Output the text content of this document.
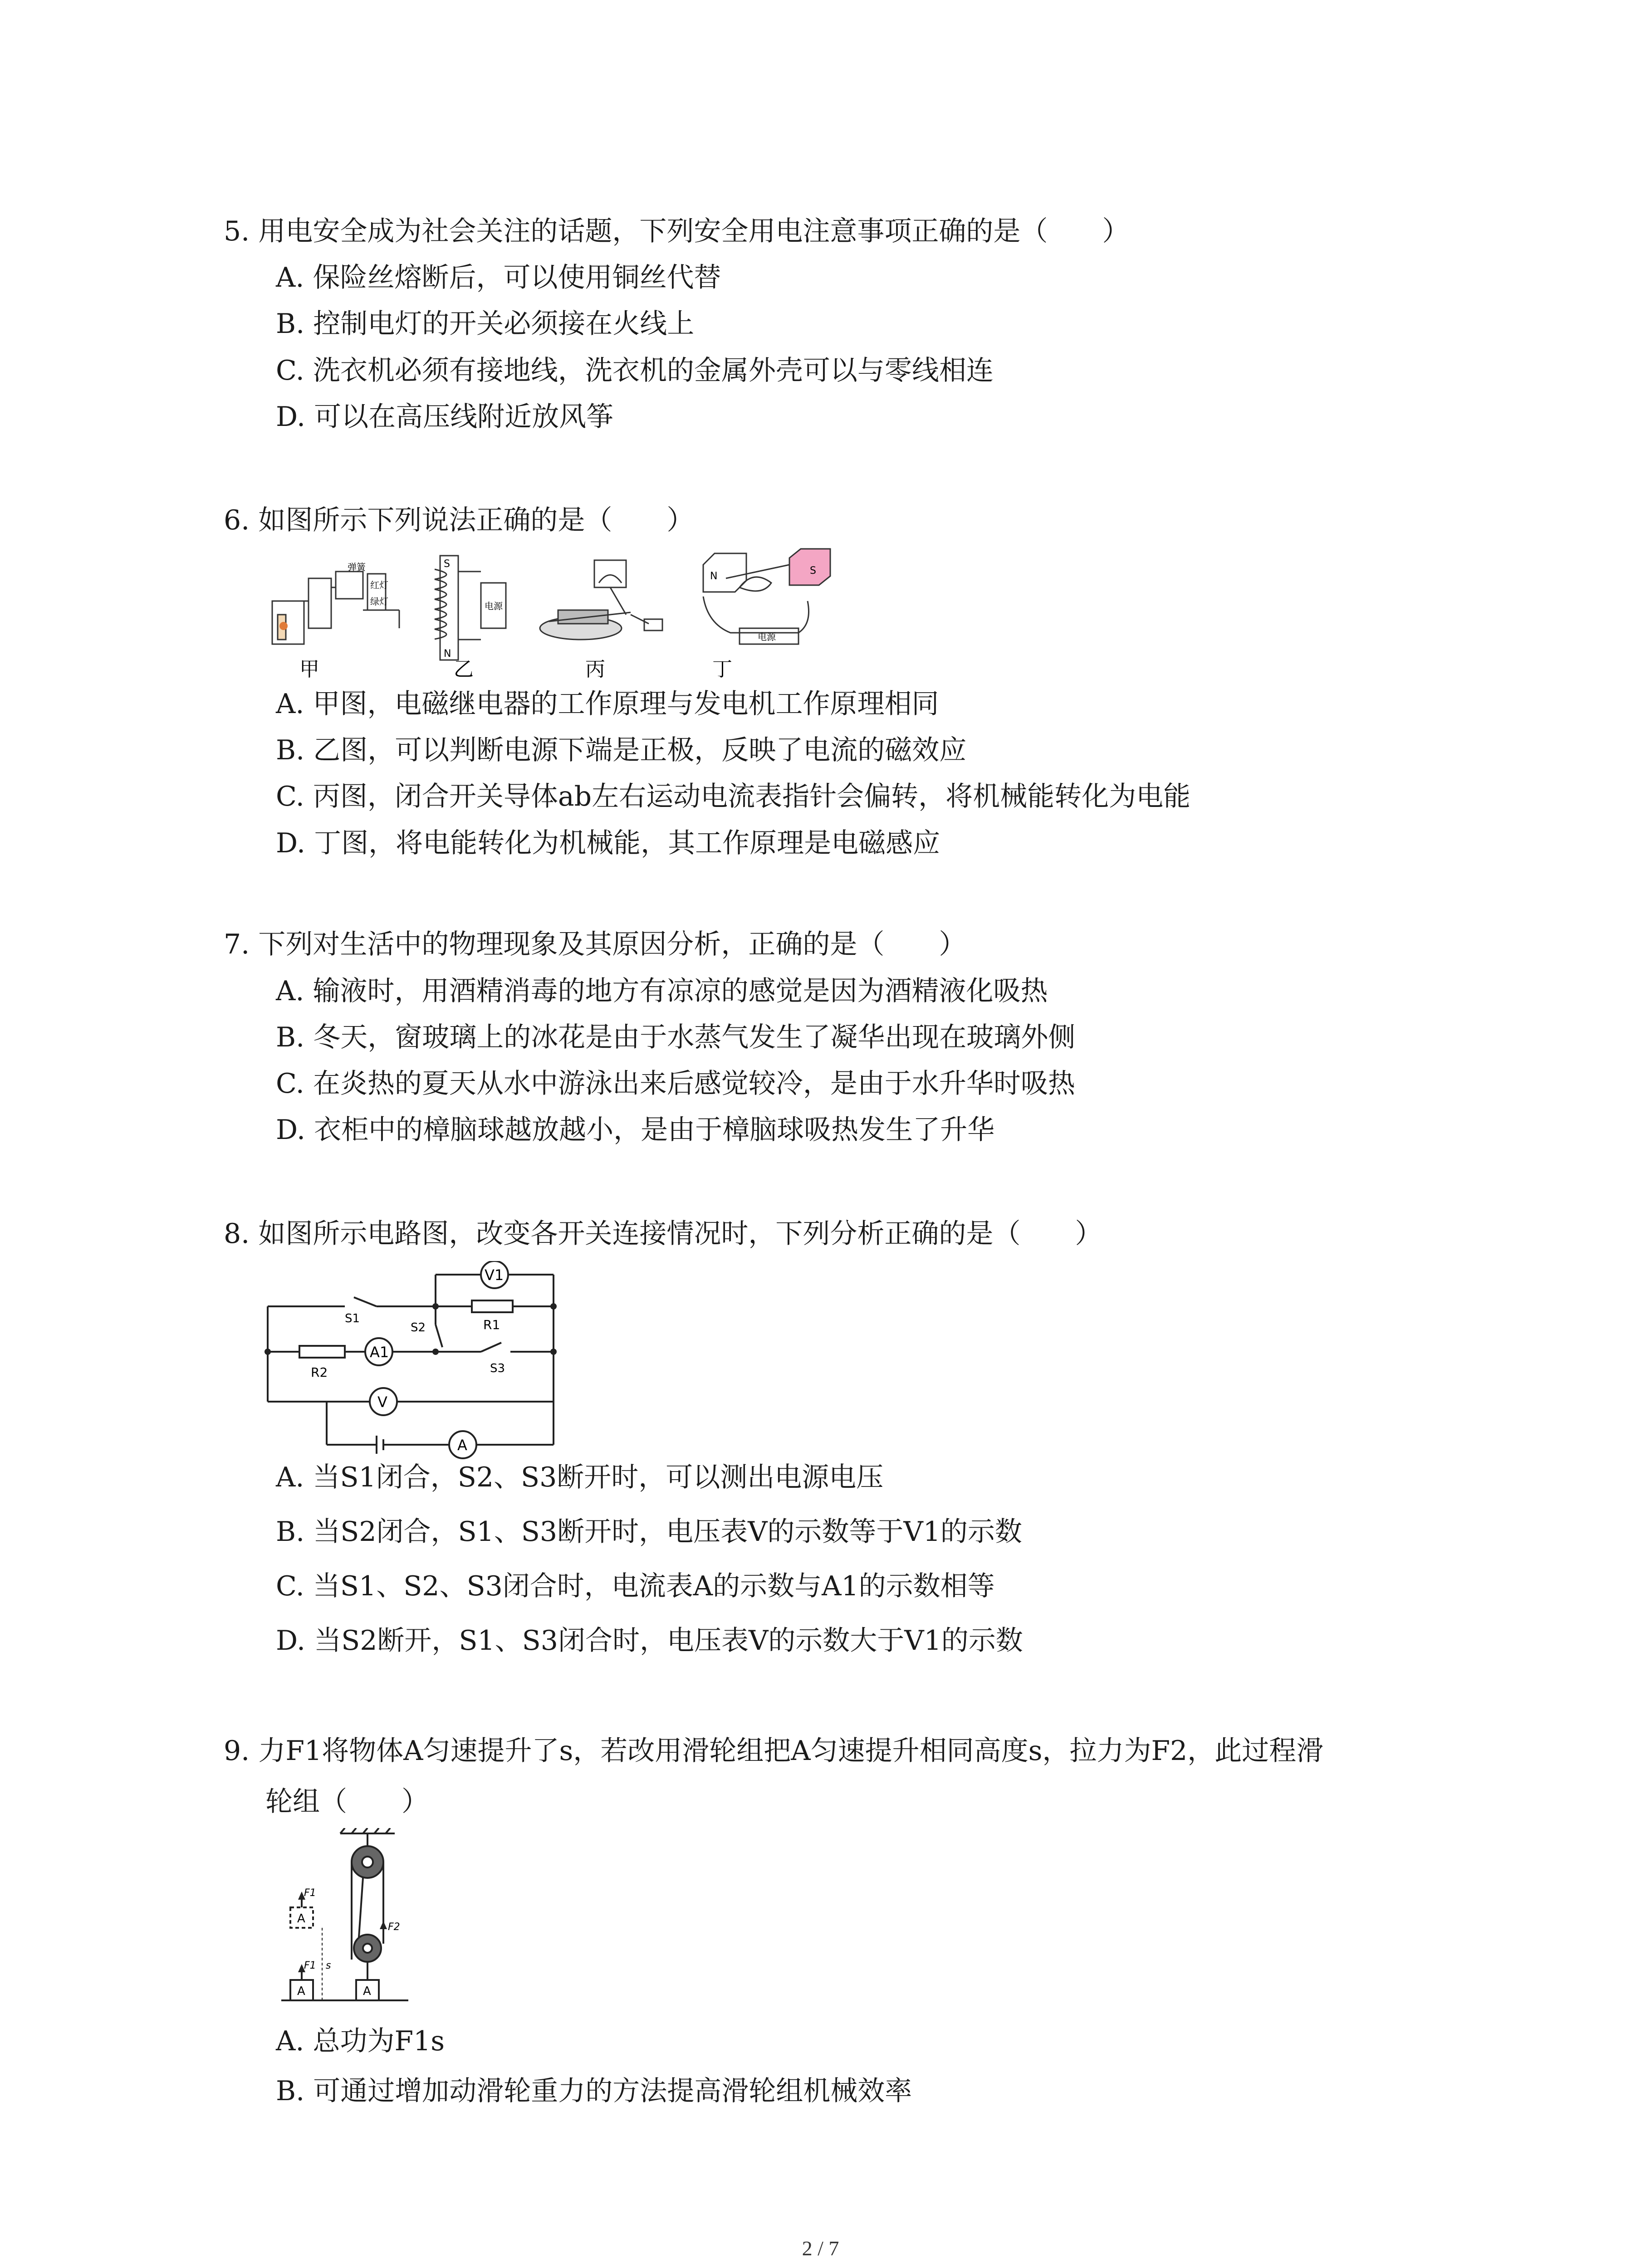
5. 用电安全成为社会关注的话题，下列安全用电注意事项正确的是（　　）
A. 保险丝熔断后，可以使用铜丝代替
B. 控制电灯的开关必须接在火线上
C. 洗衣机必须有接地线，洗衣机的金属外壳可以与零线相连
D. 可以在高压线附近放风筝
6. 如图所示下列说法正确的是（　　）
弹簧
红灯
绿灯
甲
S
N
电源
乙	丙
N	S
电源
丁
A. 甲图，电磁继电器的工作原理与发电机工作原理相同
B. 乙图，可以判断电源下端是正极，反映了电流的磁效应
C. 丙图，闭合开关导体ab左右运动电流表指针会偏转，将机械能转化为电能
D. 丁图，将电能转化为机械能，其工作原理是电磁感应
7. 下列对生活中的物理现象及其原因分析，正确的是（　　）
A. 输液时，用酒精消毒的地方有凉凉的感觉是因为酒精液化吸热
B. 冬天，窗玻璃上的冰花是由于水蒸气发生了凝华出现在玻璃外侧
C. 在炎热的夏天从水中游泳出来后感觉较冷，是由于水升华时吸热
D. 衣柜中的樟脑球越放越小，是由于樟脑球吸热发生了升华
8. 如图所示电路图，改变各开关连接情况时，下列分析正确的是（　　）
V1
S1
S2
S3
R1
R2
A1
V
A
A. 当S1闭合，S2、S3断开时，可以测出电源电压
B. 当S2闭合，S1、S3断开时，电压表V的示数等于V1的示数
C. 当S1、S2、S3闭合时，电流表A的示数与A1的示数相等
D. 当S2断开，S1、S3闭合时，电压表V的示数大于V1的示数
9. 力F1将物体A匀速提升了s，若改用滑轮组把A匀速提升相同高度s，拉力为F2，此过程滑
轮组（　　）
F1
F1
F2
s
A
A	A
A. 总功为F1s
B. 可通过增加动滑轮重力的方法提高滑轮组机械效率
2 / 7
